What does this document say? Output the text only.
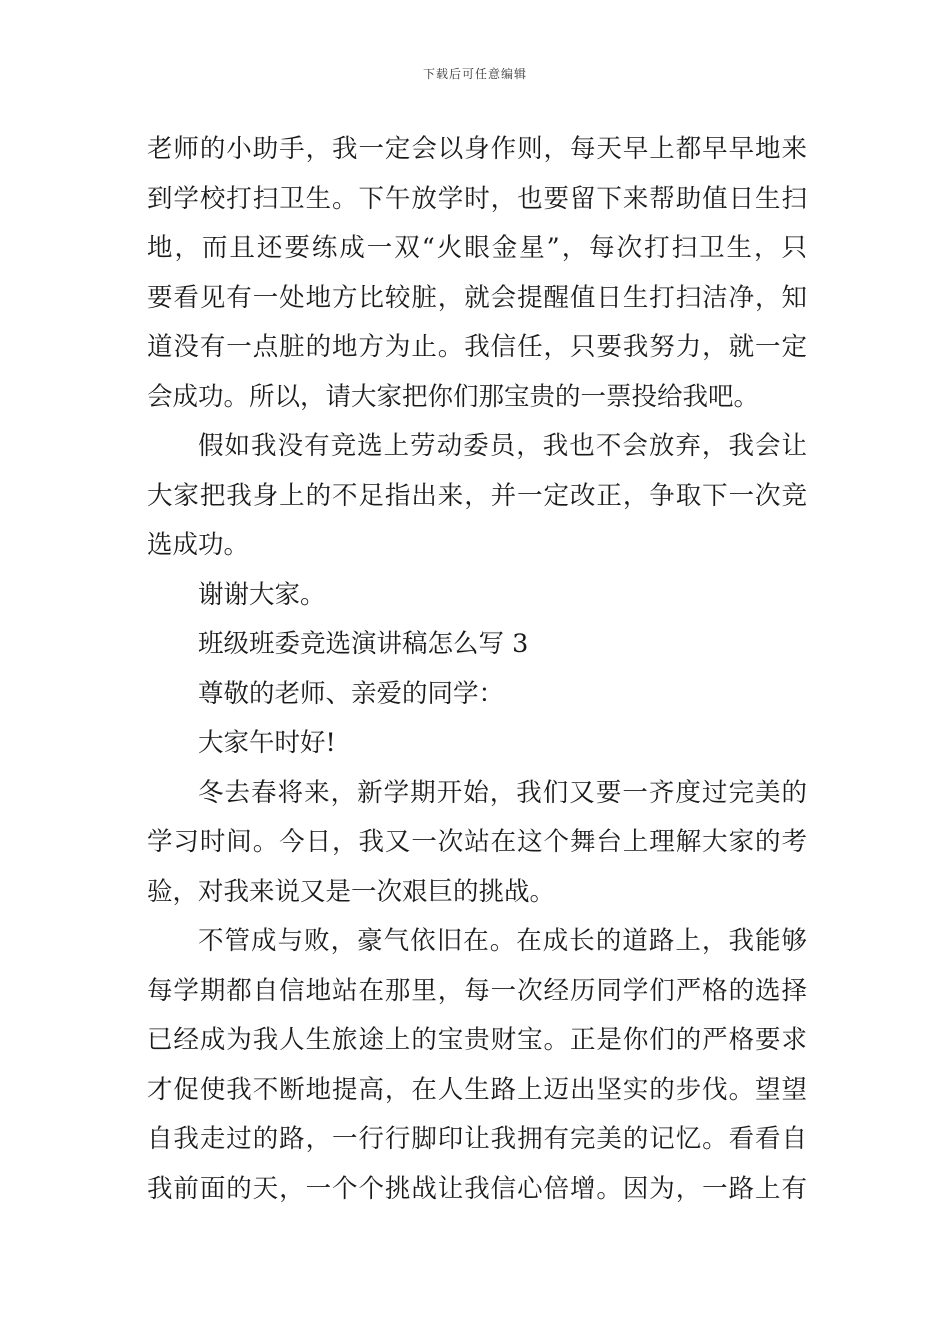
下载后可任意编辑
老师的小助手，我一定会以身作则，每天早上都早早地来
到学校打扫卫生。下午放学时，也要留下来帮助值日生扫
地，而且还要练成一双“火眼金星”，每次打扫卫生，只
要看见有一处地方比较脏，就会提醒值日生打扫洁净，知
道没有一点脏的地方为止。我信任，只要我努力，就一定
会成功。所以，请大家把你们那宝贵的一票投给我吧。
假如我没有竞选上劳动委员，我也不会放弃，我会让
大家把我身上的不足指出来，并一定改正，争取下一次竞
选成功。
谢谢大家。
班级班委竞选演讲稿怎么写 3
尊敬的老师、亲爱的同学：
大家午时好!
冬去春将来，新学期开始，我们又要一齐度过完美的
学习时间。今日，我又一次站在这个舞台上理解大家的考
验，对我来说又是一次艰巨的挑战。
不管成与败，豪气依旧在。在成长的道路上，我能够
每学期都自信地站在那里，每一次经历同学们严格的选择
已经成为我人生旅途上的宝贵财宝。正是你们的严格要求
才促使我不断地提高，在人生路上迈出坚实的步伐。望望
自我走过的路，一行行脚印让我拥有完美的记忆。看看自
我前面的天，一个个挑战让我信心倍增。因为，一路上有
